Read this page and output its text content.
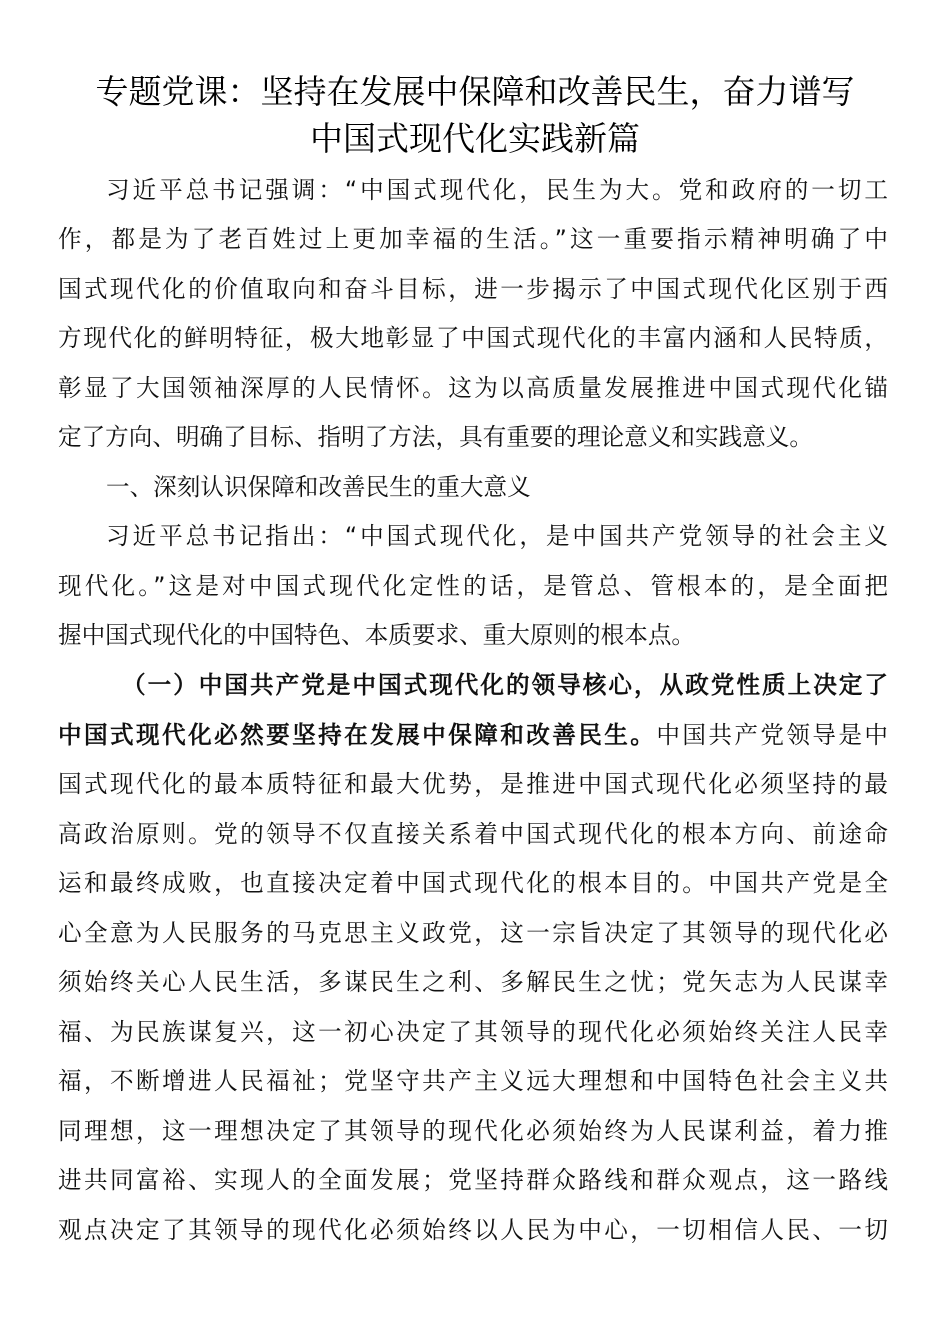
专题党课：坚持在发展中保障和改善民生，奋力谱写
中国式现代化实践新篇
习近平总书记强调：“中国式现代化，民生为大。党和政府的一切工
作，都是为了老百姓过上更加幸福的生活。”这一重要指示精神明确了中
国式现代化的价值取向和奋斗目标，进一步揭示了中国式现代化区别于西
方现代化的鲜明特征，极大地彰显了中国式现代化的丰富内涵和人民特质，
彰显了大国领袖深厚的人民情怀。这为以高质量发展推进中国式现代化锚
定了方向、明确了目标、指明了方法，具有重要的理论意义和实践意义。
一、深刻认识保障和改善民生的重大意义
习近平总书记指出：“中国式现代化，是中国共产党领导的社会主义
现代化。”这是对中国式现代化定性的话，是管总、管根本的，是全面把
握中国式现代化的中国特色、本质要求、重大原则的根本点。
（一）中国共产党是中国式现代化的领导核心，从政党性质上决定了
中国式现代化必然要坚持在发展中保障和改善民生。中国共产党领导是中
国式现代化的最本质特征和最大优势，是推进中国式现代化必须坚持的最
高政治原则。党的领导不仅直接关系着中国式现代化的根本方向、前途命
运和最终成败，也直接决定着中国式现代化的根本目的。中国共产党是全
心全意为人民服务的马克思主义政党，这一宗旨决定了其领导的现代化必
须始终关心人民生活，多谋民生之利、多解民生之忧；党矢志为人民谋幸
福、为民族谋复兴，这一初心决定了其领导的现代化必须始终关注人民幸
福，不断增进人民福祉；党坚守共产主义远大理想和中国特色社会主义共
同理想，这一理想决定了其领导的现代化必须始终为人民谋利益，着力推
进共同富裕、实现人的全面发展；党坚持群众路线和群众观点，这一路线
观点决定了其领导的现代化必须始终以人民为中心，一切相信人民、一切
